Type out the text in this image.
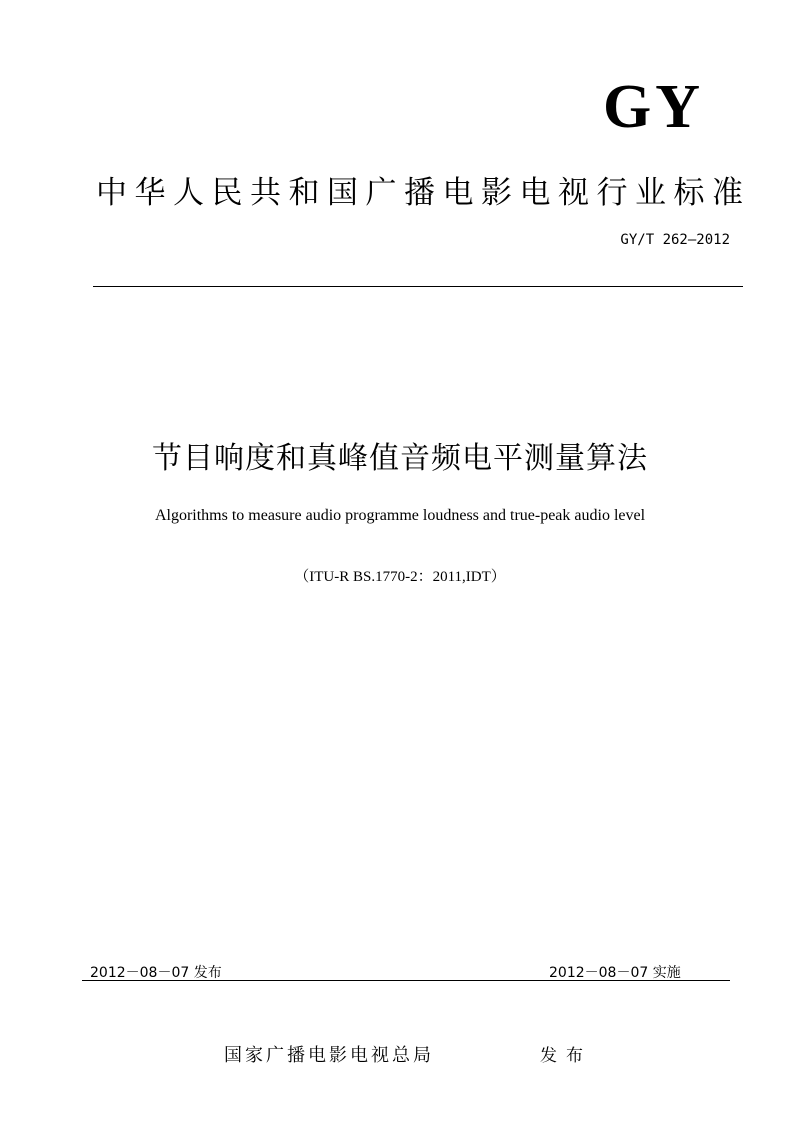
GY
中华人民共和国广播电影电视行业标准
GY/T 262—2012
节目响度和真峰值音频电平测量算法
Algorithms to measure audio programme loudness and true-peak audio level
（ITU-R BS.1770-2：2011,IDT）
2012－08－07 发布	2012－08－07 实施
国家广播电影电视总局	发布
